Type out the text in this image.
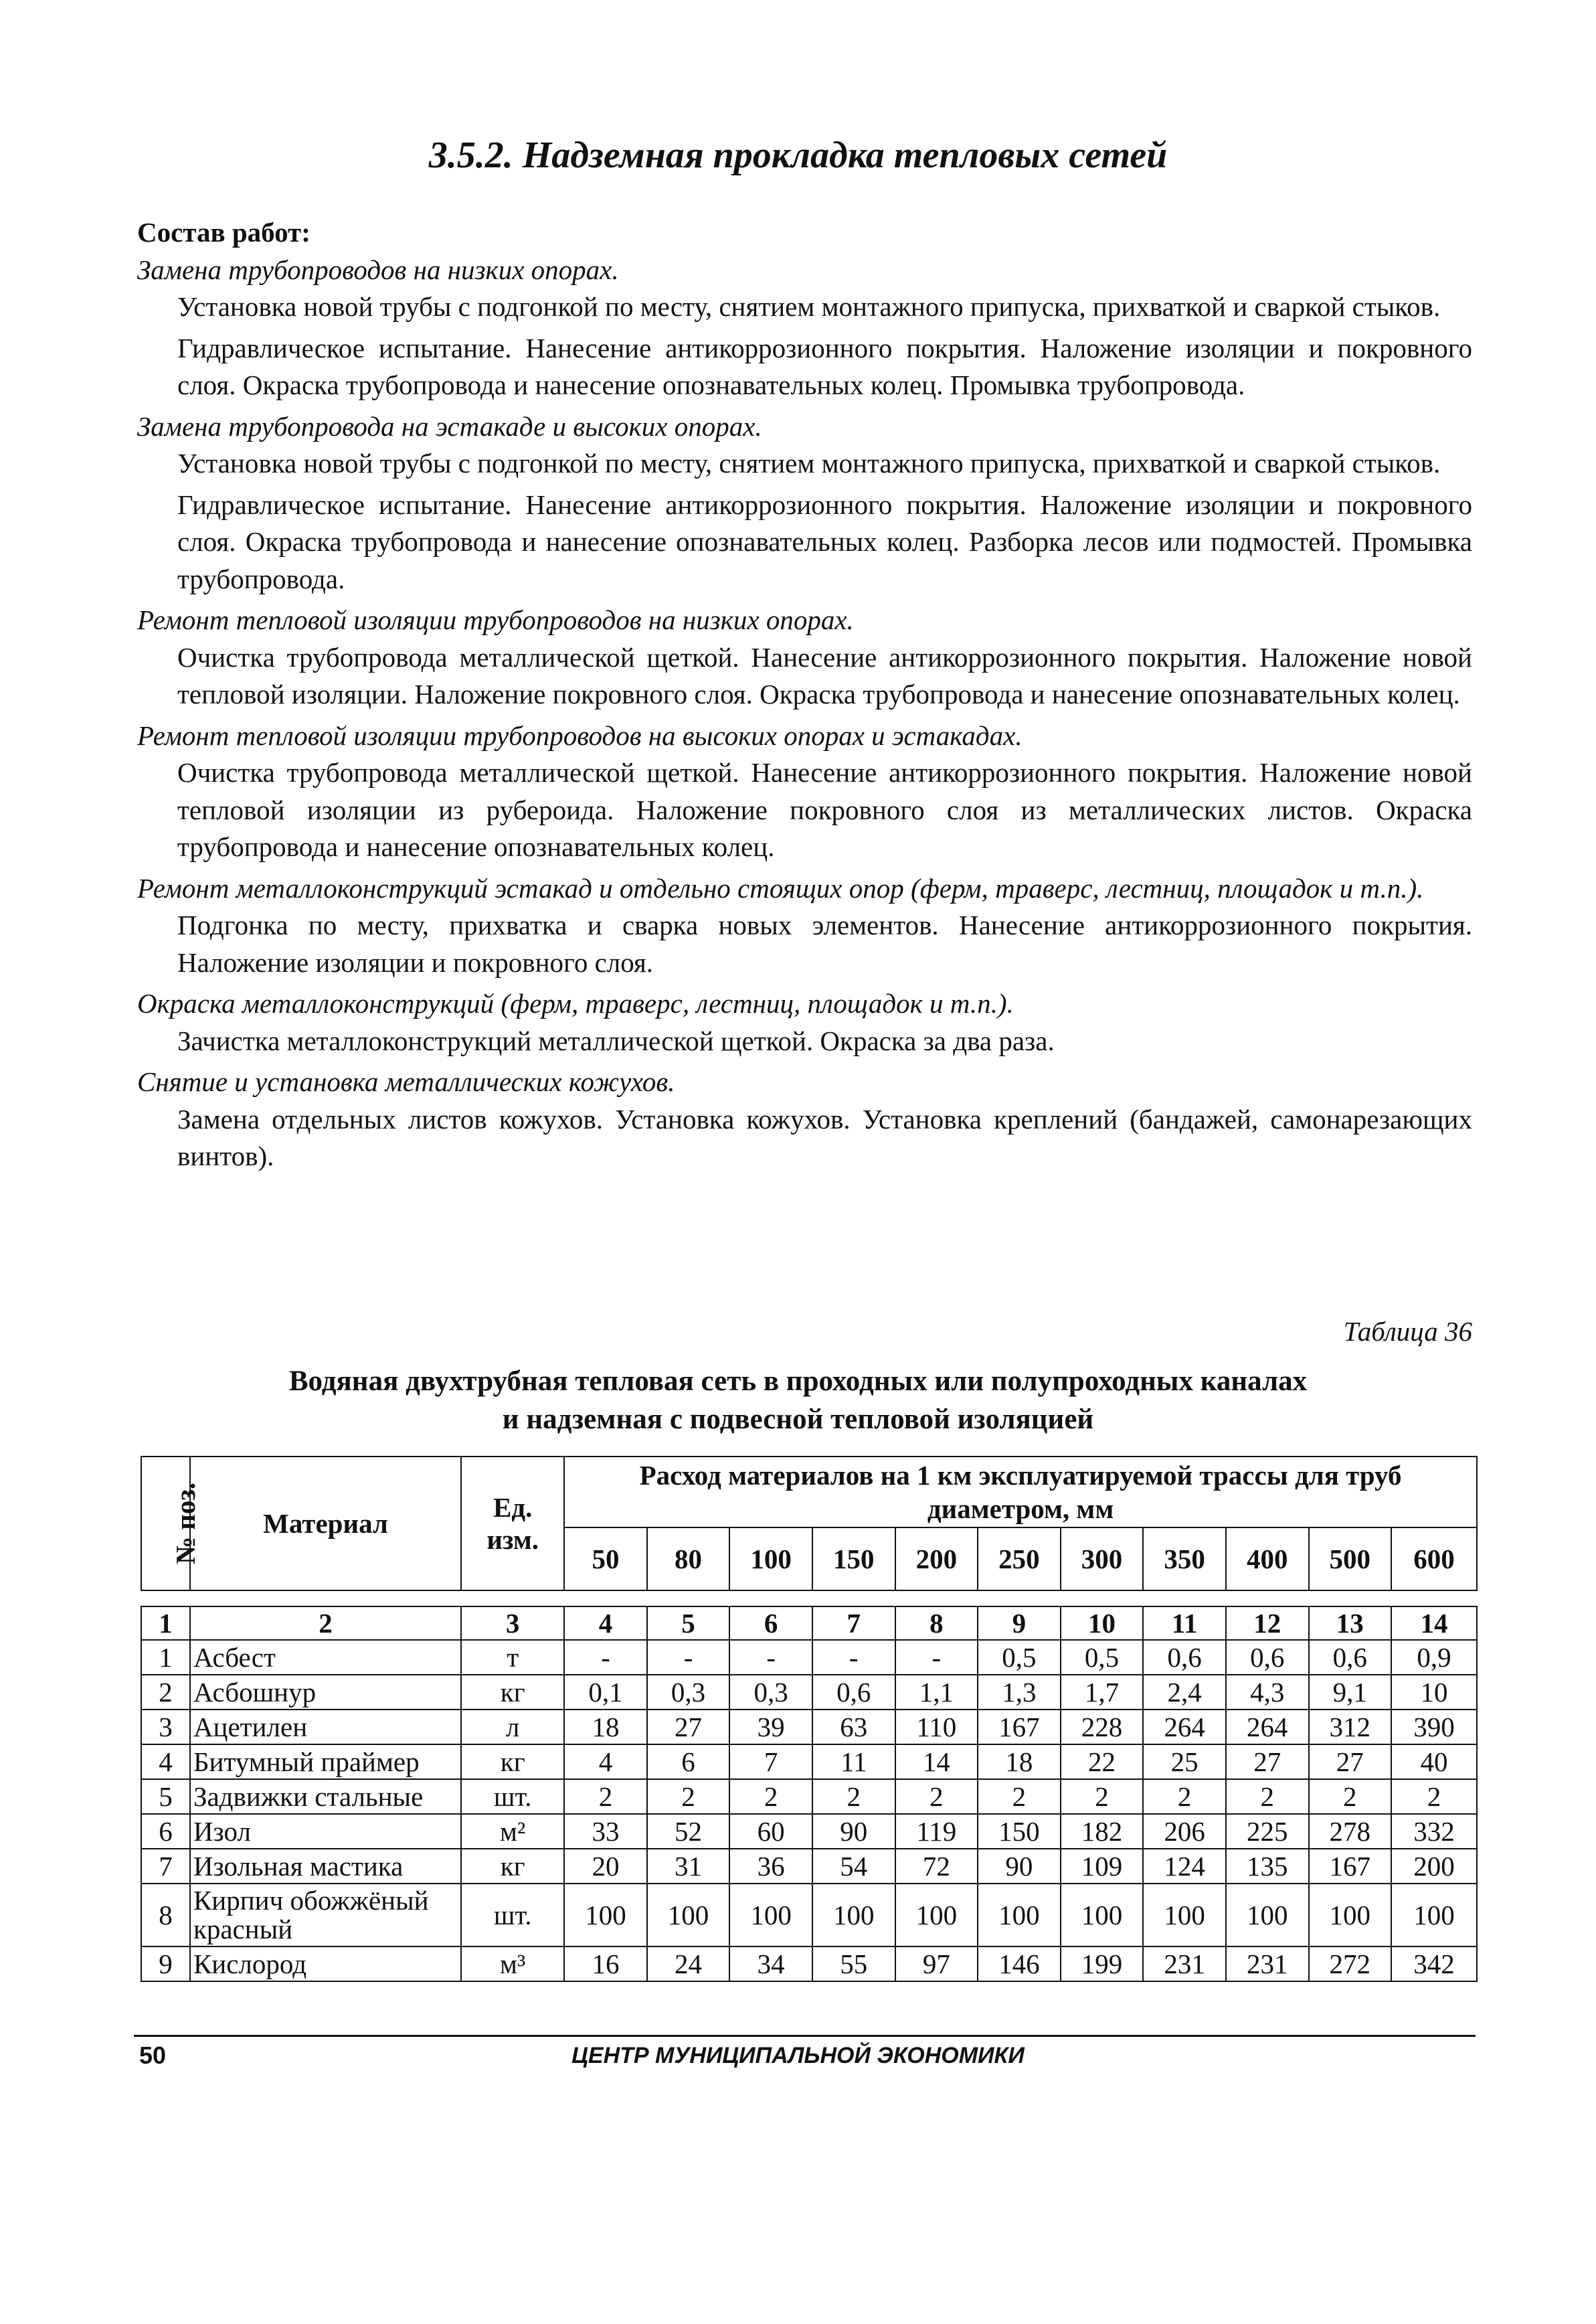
3.5.2. Надземная прокладка тепловых сетей
Состав работ:

Замена трубопроводов на низких опорах.

Установка новой трубы с подгонкой по месту, снятием монтажного припуска, прихваткой и сваркой стыков.

Гидравлическое испытание. Нанесение антикоррозионного покрытия. Наложение изоляции и покровного слоя. Окраска трубопровода и нанесение опознавательных колец. Промывка трубопровода.

Замена трубопровода на эстакаде и высоких опорах.

Установка новой трубы с подгонкой по месту, снятием монтажного припуска, прихваткой и сваркой стыков.

Гидравлическое испытание. Нанесение антикоррозионного покрытия. Наложение изоляции и покровного слоя. Окраска трубопровода и нанесение опознавательных колец. Разборка лесов или подмостей. Промывка трубопровода.

Ремонт тепловой изоляции трубопроводов на низких опорах.

Очистка трубопровода металлической щеткой. Нанесение антикоррозионного покрытия. Наложение новой тепловой изоляции. Наложение покровного слоя. Окраска трубопровода и нанесение опознавательных колец.

Ремонт тепловой изоляции трубопроводов на высоких опорах и эстакадах.

Очистка трубопровода металлической щеткой. Нанесение антикоррозионного покрытия. Наложение новой тепловой изоляции из рубероида. Наложение покровного слоя из металлических листов. Окраска трубопровода и нанесение опознавательных колец.

Ремонт металлоконструкций эстакад и отдельно стоящих опор (ферм, траверс, лестниц, площадок и т.п.).

Подгонка по месту, прихватка и сварка новых элементов. Нанесение антикоррозионного покрытия. Наложение изоляции и покровного слоя.

Окраска металлоконструкций (ферм, траверс, лестниц, площадок и т.п.).

Зачистка металлоконструкций металлической щеткой. Окраска за два раза.

Снятие и установка металлических кожухов.

Замена отдельных листов кожухов. Установка кожухов. Установка креплений (бандажей, самонарезающих винтов).

Таблица 36
Водяная двухтрубная тепловая сеть в проходных или полупроходных каналах
и надземная с подвесной тепловой изоляцией
№ поз.	Материал	Ед. изм.	Расход материалов на 1 км эксплуатируемой трассы для труб диаметром, мм										
			50	80	100	150	200	250	300	350	400	500	600

1	2	3	4	5	6	7	8	9	10	11	12	13	14
1	Асбест	т	-	-	-	-	-	0,5	0,5	0,6	0,6	0,6	0,9
2	Асбошнур	кг	0,1	0,3	0,3	0,6	1,1	1,3	1,7	2,4	4,3	9,1	10
3	Ацетилен	л	18	27	39	63	110	167	228	264	264	312	390
4	Битумный праймер	кг	4	6	7	11	14	18	22	25	27	27	40
5	Задвижки стальные	шт.	2	2	2	2	2	2	2	2	2	2	2
6	Изол	м²	33	52	60	90	119	150	182	206	225	278	332
7	Изольная мастика	кг	20	31	36	54	72	90	109	124	135	167	200
8	Кирпич обожжёный красный	шт.	100	100	100	100	100	100	100	100	100	100	100
9	Кислород	м³	16	24	34	55	97	146	199	231	231	272	342
50	ЦЕНТР МУНИЦИПАЛЬНОЙ ЭКОНОМИКИ
